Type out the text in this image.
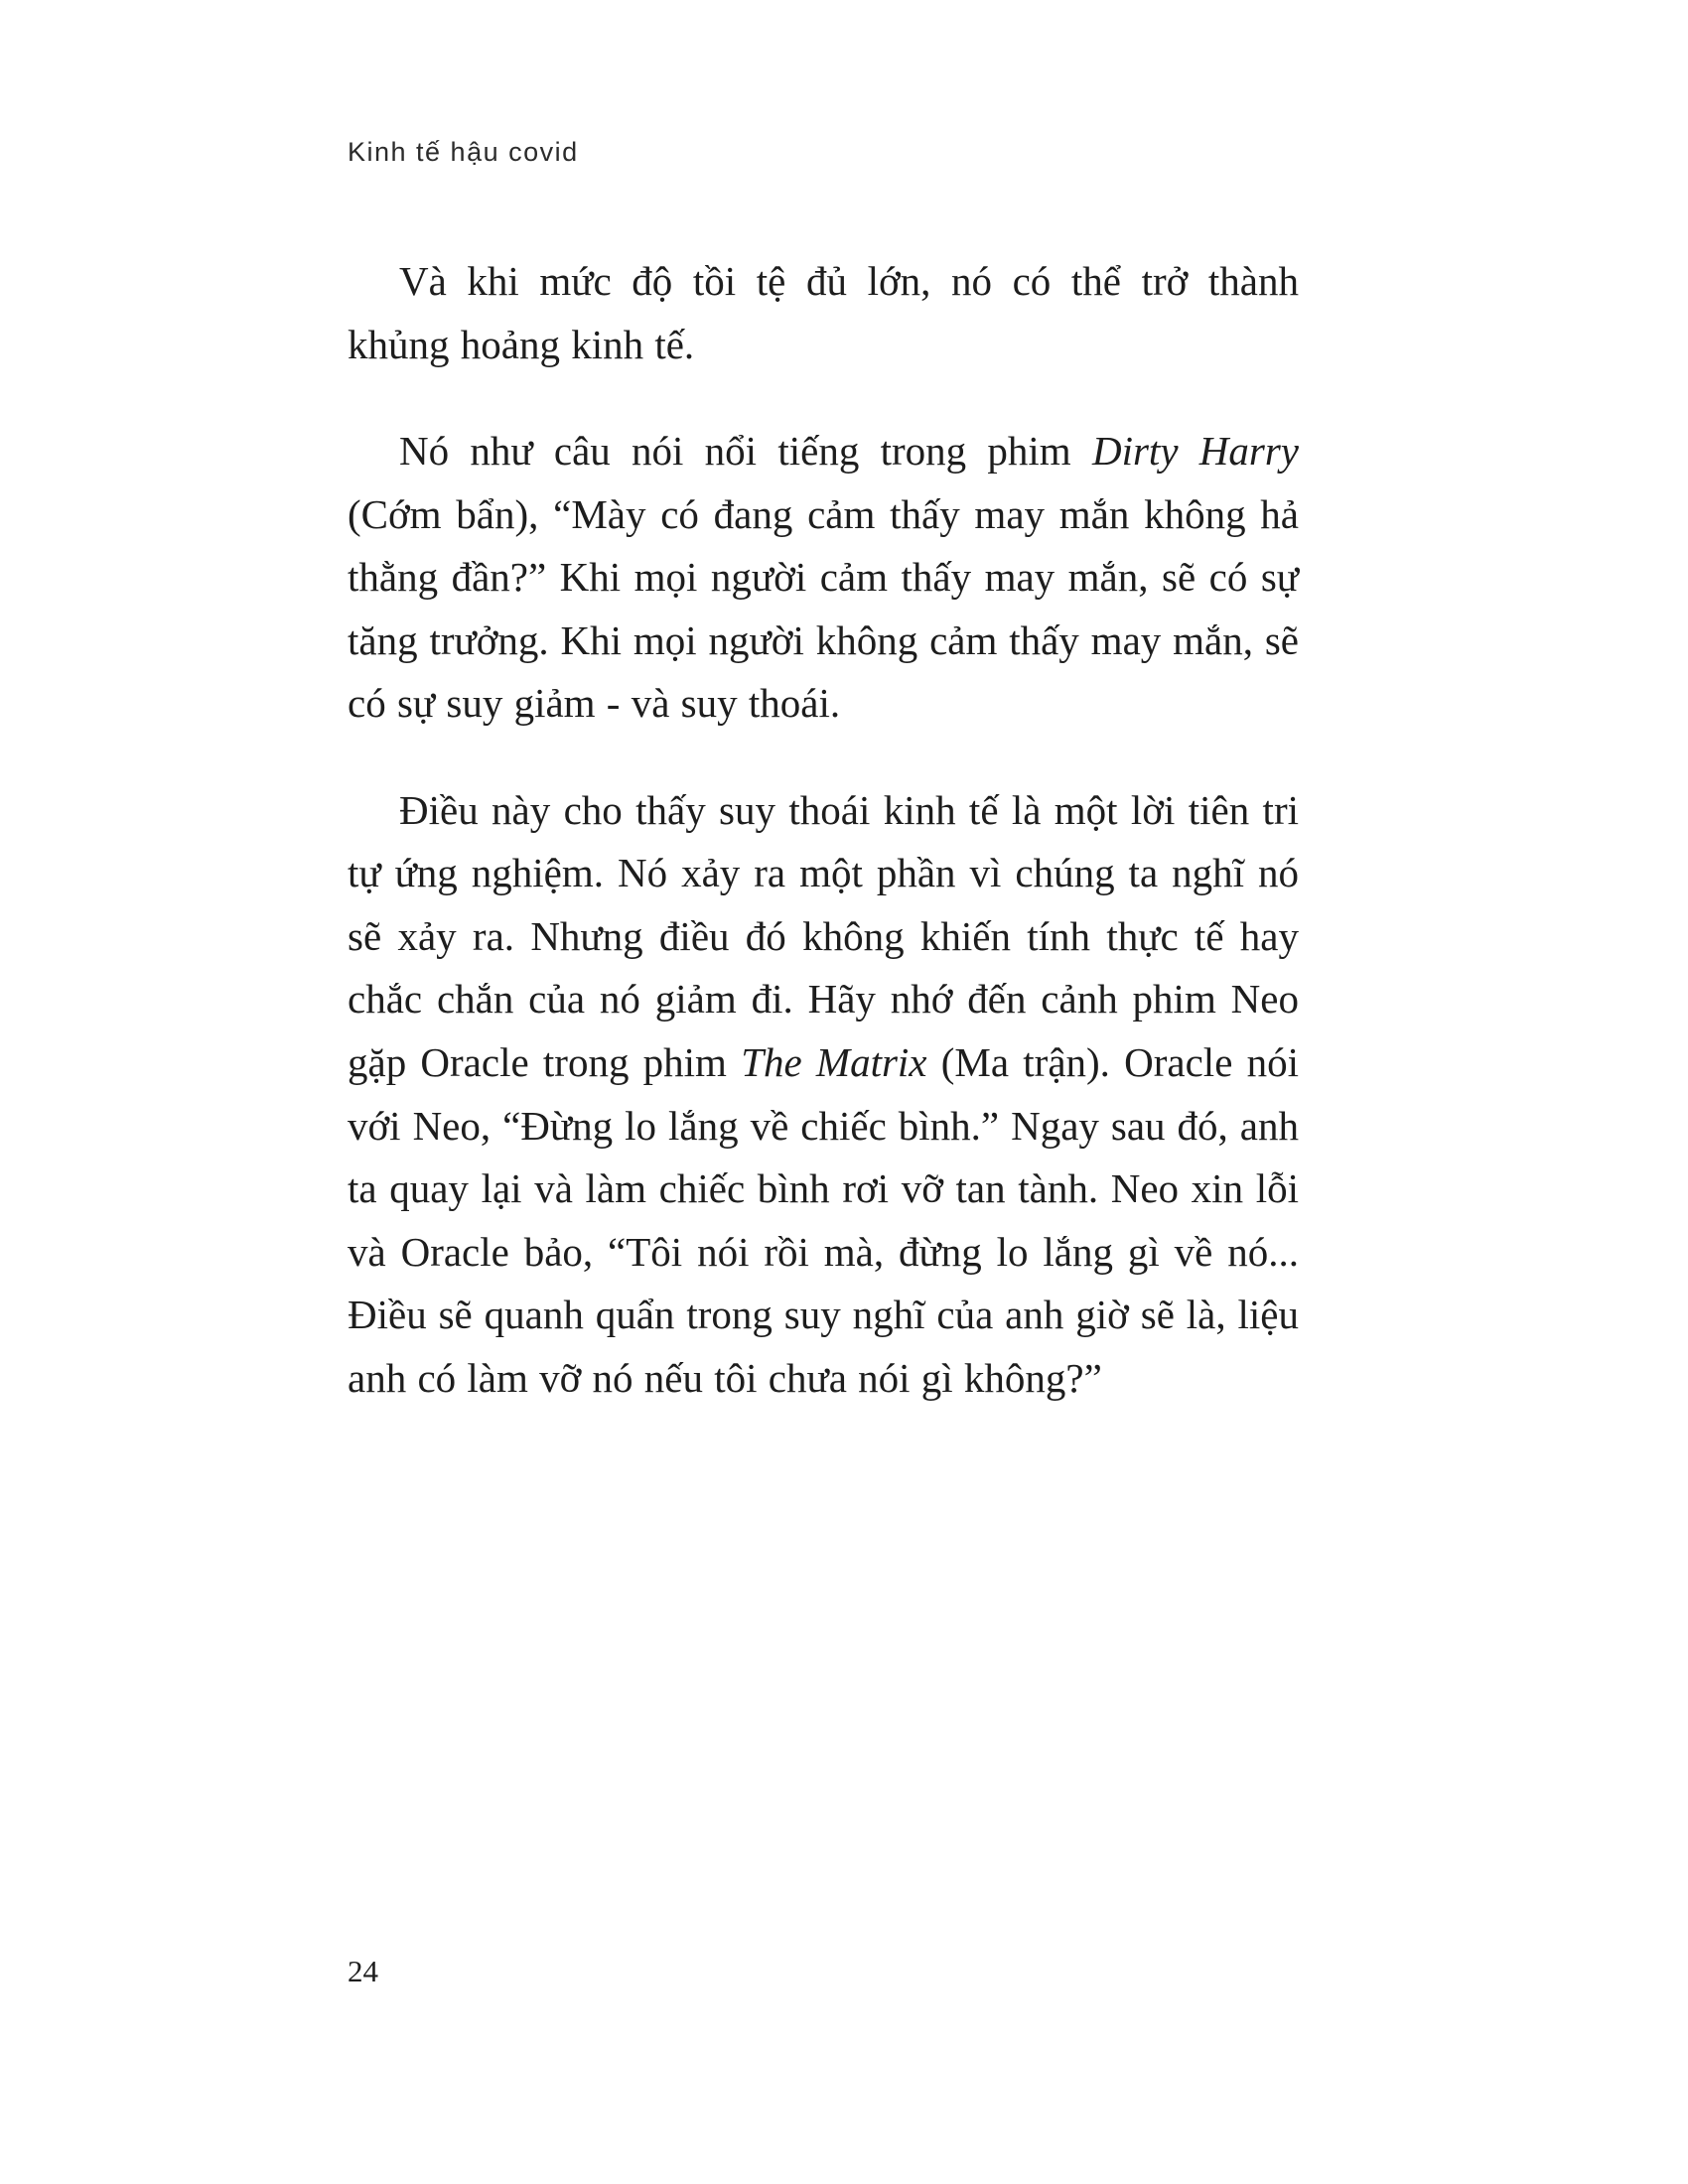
Kinh tế hậu covid

Và khi mức độ tồi tệ đủ lớn, nó có thể trở thành khủng hoảng kinh tế.

Nó như câu nói nổi tiếng trong phim Dirty Harry (Cớm bẩn), “Mày có đang cảm thấy may mắn không hả thằng đần?” Khi mọi người cảm thấy may mắn, sẽ có sự tăng trưởng. Khi mọi người không cảm thấy may mắn, sẽ có sự suy giảm - và suy thoái.

Điều này cho thấy suy thoái kinh tế là một lời tiên tri tự ứng nghiệm. Nó xảy ra một phần vì chúng ta nghĩ nó sẽ xảy ra. Nhưng điều đó không khiến tính thực tế hay chắc chắn của nó giảm đi. Hãy nhớ đến cảnh phim Neo gặp Oracle trong phim The Matrix (Ma trận). Oracle nói với Neo, “Đừng lo lắng về chiếc bình.” Ngay sau đó, anh ta quay lại và làm chiếc bình rơi vỡ tan tành. Neo xin lỗi và Oracle bảo, “Tôi nói rồi mà, đừng lo lắng gì về nó... Điều sẽ quanh quẩn trong suy nghĩ của anh giờ sẽ là, liệu anh có làm vỡ nó nếu tôi chưa nói gì không?”

24
